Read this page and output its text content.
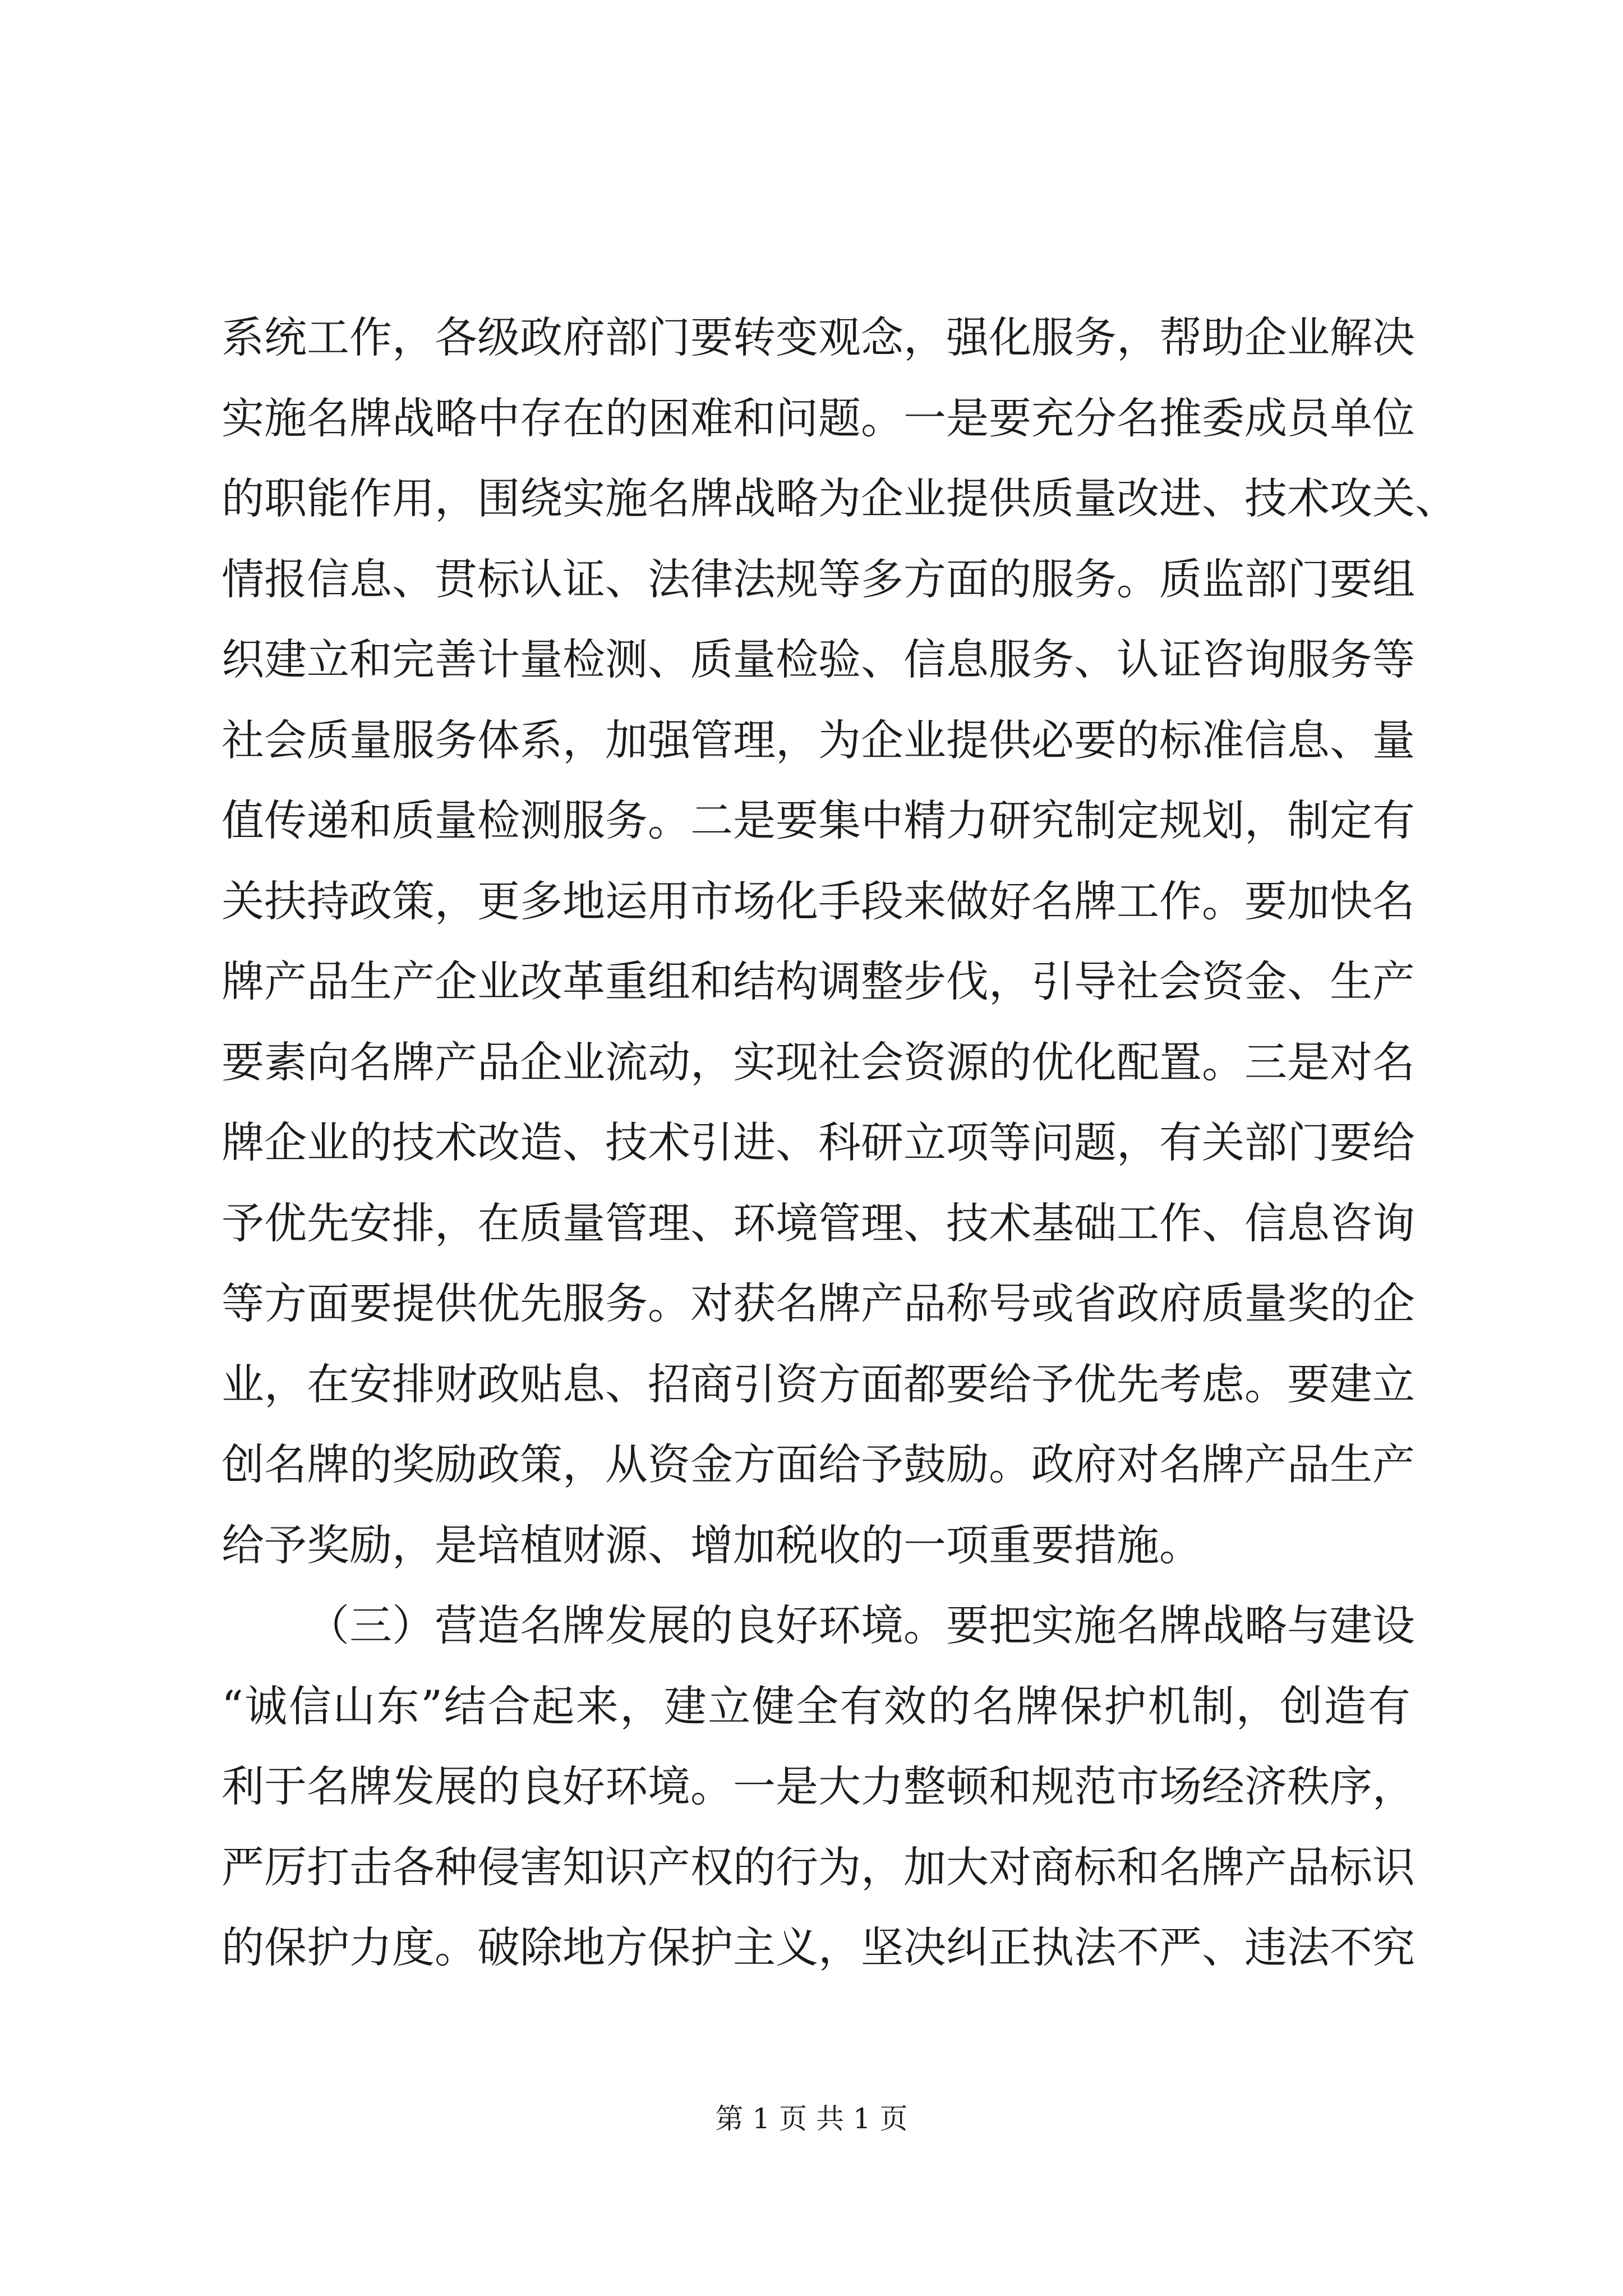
系统工作，各级政府部门要转变观念，强化服务，帮助企业解决
实施名牌战略中存在的困难和问题。一是要充分名推委成员单位
的职能作用，围绕实施名牌战略为企业提供质量改进、技术攻关、
情报信息、贯标认证、法律法规等多方面的服务。质监部门要组
织建立和完善计量检测、质量检验、信息服务、认证咨询服务等
社会质量服务体系，加强管理，为企业提供必要的标准信息、量
值传递和质量检测服务。二是要集中精力研究制定规划，制定有
关扶持政策，更多地运用市场化手段来做好名牌工作。要加快名
牌产品生产企业改革重组和结构调整步伐，引导社会资金、生产
要素向名牌产品企业流动，实现社会资源的优化配置。三是对名
牌企业的技术改造、技术引进、科研立项等问题，有关部门要给
予优先安排，在质量管理、环境管理、技术基础工作、信息咨询
等方面要提供优先服务。对获名牌产品称号或省政府质量奖的企
业，在安排财政贴息、招商引资方面都要给予优先考虑。要建立
创名牌的奖励政策，从资金方面给予鼓励。政府对名牌产品生产
给予奖励，是培植财源、增加税收的一项重要措施。
（三）营造名牌发展的良好环境。要把实施名牌战略与建设
“诚信山东”结合起来，建立健全有效的名牌保护机制，创造有
利于名牌发展的良好环境。一是大力整顿和规范市场经济秩序，
严厉打击各种侵害知识产权的行为，加大对商标和名牌产品标识
的保护力度。破除地方保护主义，坚决纠正执法不严、违法不究
第 1 页 共 1 页
